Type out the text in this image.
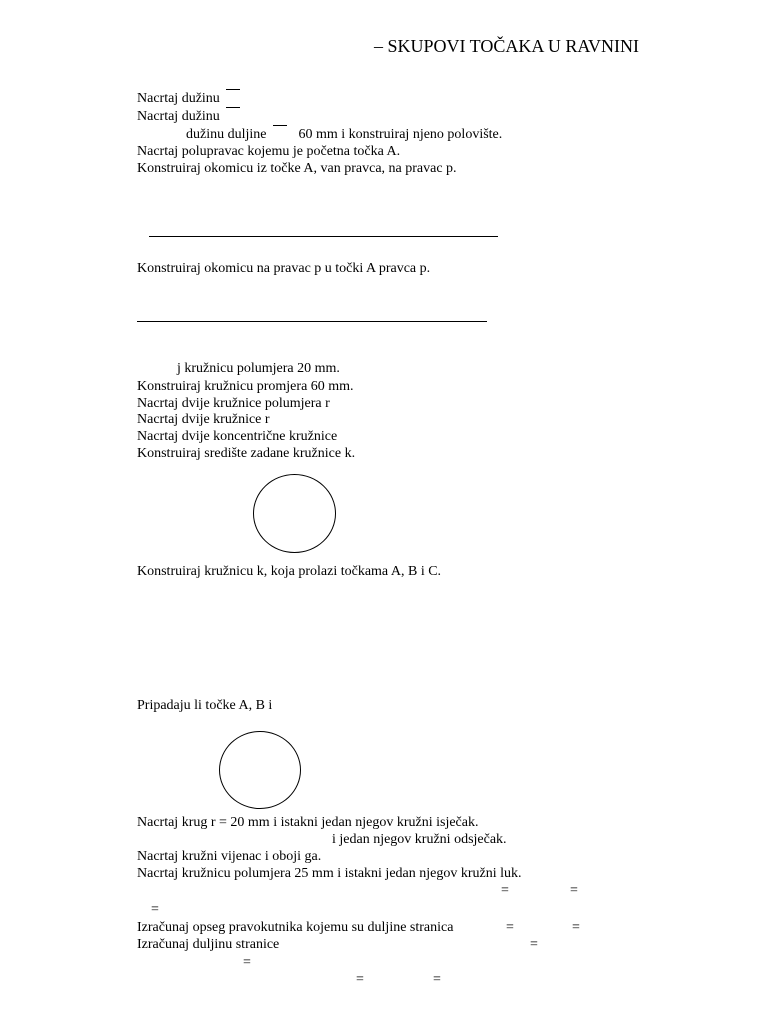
– SKUPOVI TOČAKA U RAVNINI
Nacrtaj dužinu
Nacrtaj dužinu
dužinu duljine 60 mm i konstruiraj njeno polovište.
Nacrtaj polupravac kojemu je početna točka A.
Konstruiraj okomicu iz točke A, van pravca, na pravac p.
Konstruiraj okomicu na pravac p u točki A pravca p.
j kružnicu polumjera 20 mm.
Konstruiraj kružnicu promjera 60 mm.
Nacrtaj dvije kružnice polumjera r
Nacrtaj dvije kružnice r
Nacrtaj dvije koncentrične kružnice
Konstruiraj središte zadane kružnice k.
Konstruiraj kružnicu k, koja prolazi točkama A, B i C.
Pripadaju li točke A, B i
Nacrtaj krug r = 20 mm i istakni jedan njegov kružni isječak.
i jedan njegov kružni odsječak.
Nacrtaj kružni vijenac i oboji ga.
Nacrtaj kružnicu polumjera 25 mm i istakni jedan njegov kružni luk.
=	=
=
Izračunaj opseg pravokutnika kojemu su duljine stranica	=	=
Izračunaj duljinu stranice	=
=
=	=
